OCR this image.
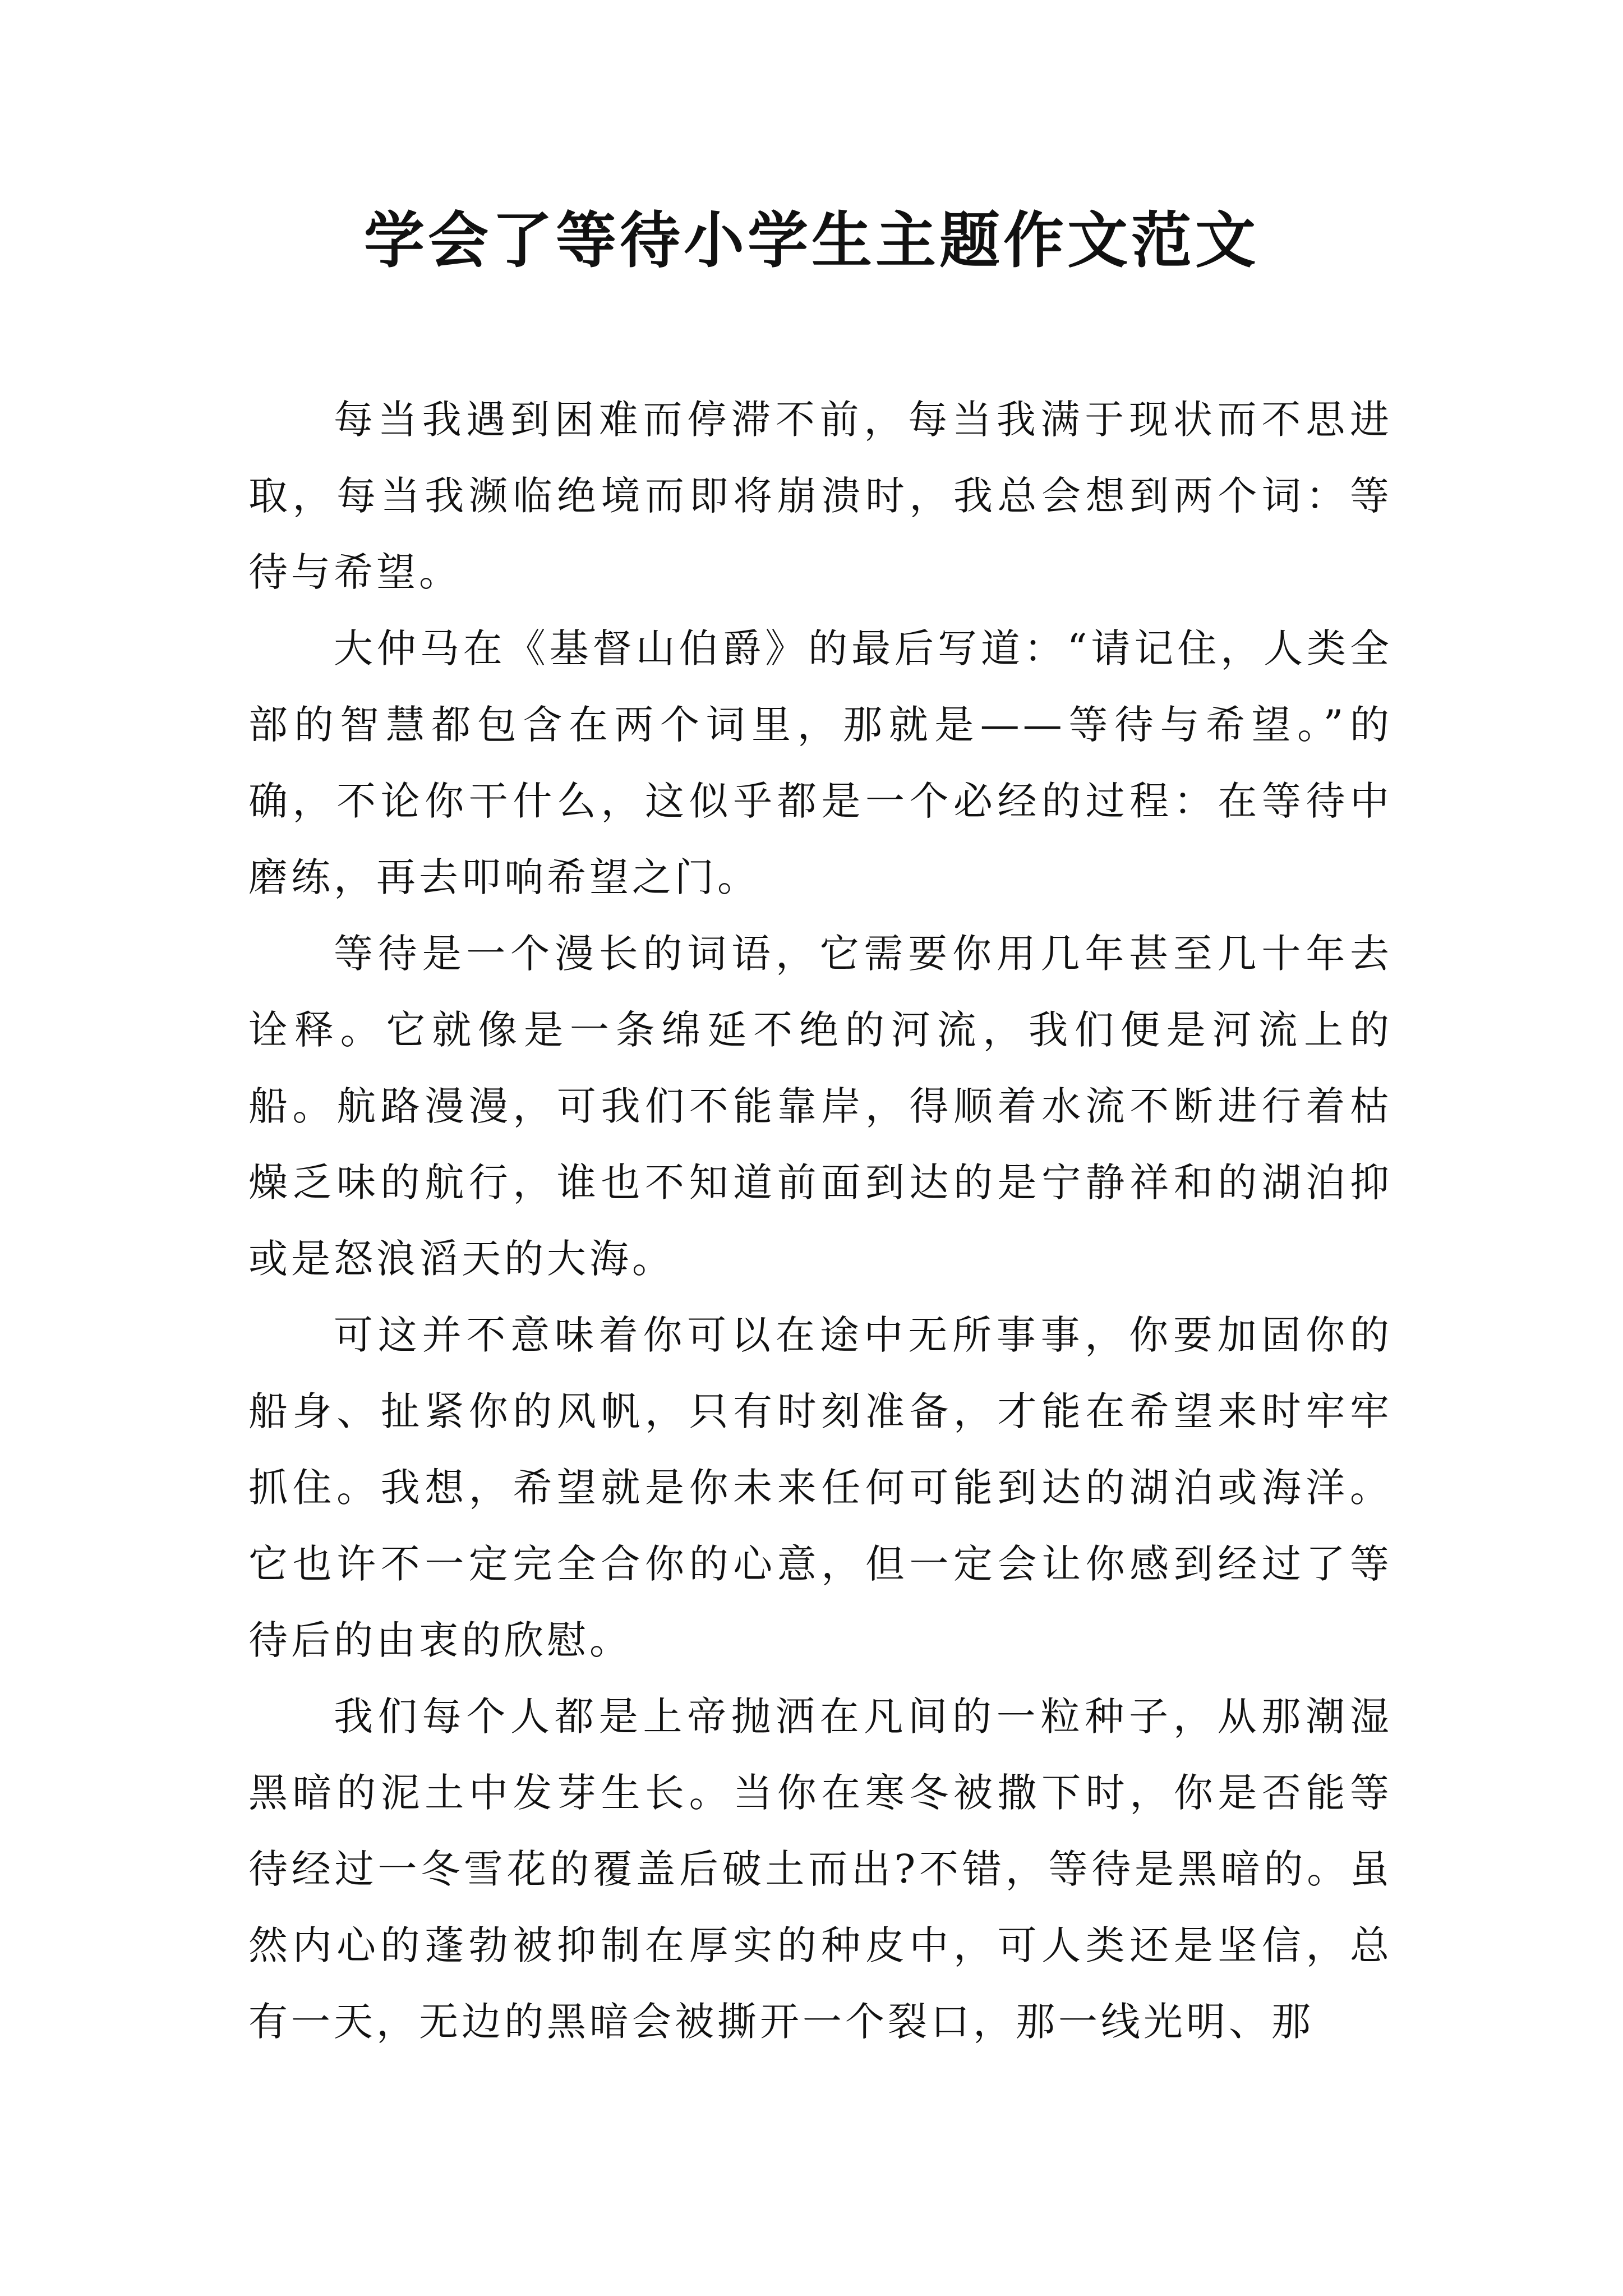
学会了等待小学生主题作文范文

每当我遇到困难而停滞不前，每当我满于现状而不思进取，每当我濒临绝境而即将崩溃时，我总会想到两个词：等待与希望。

大仲马在《基督山伯爵》的最后写道：“请记住，人类全部的智慧都包含在两个词里，那就是——等待与希望。”的确，不论你干什么，这似乎都是一个必经的过程：在等待中磨练，再去叩响希望之门。

等待是一个漫长的词语，它需要你用几年甚至几十年去诠释。它就像是一条绵延不绝的河流，我们便是河流上的船。航路漫漫，可我们不能靠岸，得顺着水流不断进行着枯燥乏味的航行，谁也不知道前面到达的是宁静祥和的湖泊抑或是怒浪滔天的大海。

可这并不意味着你可以在途中无所事事，你要加固你的船身、扯紧你的风帆，只有时刻准备，才能在希望来时牢牢抓住。我想，希望就是你未来任何可能到达的湖泊或海洋。它也许不一定完全合你的心意，但一定会让你感到经过了等待后的由衷的欣慰。

我们每个人都是上帝抛洒在凡间的一粒种子，从那潮湿黑暗的泥土中发芽生长。当你在寒冬被撒下时，你是否能等待经过一冬雪花的覆盖后破土而出?不错，等待是黑暗的。虽然内心的蓬勃被抑制在厚实的种皮中，可人类还是坚信，总有一天，无边的黑暗会被撕开一个裂口，那一线光明、那
